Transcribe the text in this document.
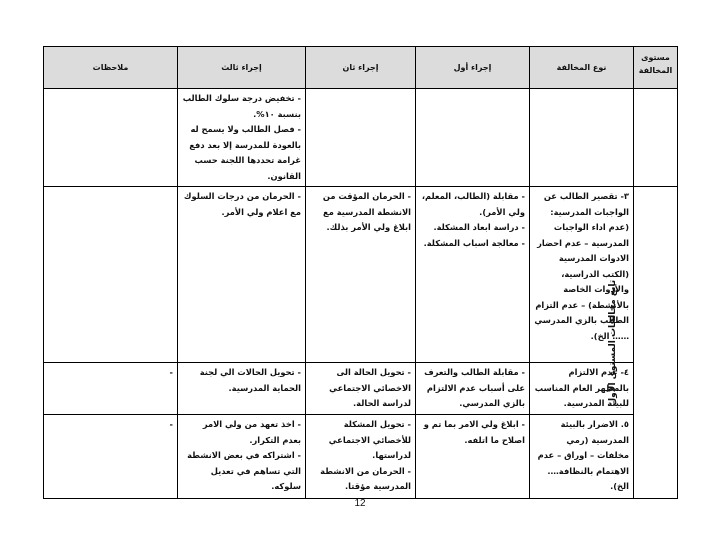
مستوى المخالفة	نوع المخالفة	إجراء أول	إجراء ثان	إجراء ثالث	ملاحظات

				- تخفيض درجة سلوك الطالب بنسبة ١٠%.
- فصل الطالب ولا يسمح له بالعودة للمدرسة إلا بعد دفع غرامة تحددها اللجنة حسب القانون.	

تابع مخالفات المستوى الأول	٣- تقصير الطالب عن الواجبات المدرسية:
(عدم اداء الواجبات المدرسية – عدم احضار الادوات المدرسية (الكتب الدراسية، والأدوات الخاصة بالأنشطة) – عدم التزام الطالب بالزي المدرسي …… الخ).	- مقابلة (الطالب، المعلم، ولي الأمر).
- دراسة ابعاد المشكلة.
- معالجة اسباب المشكلة.	- الحرمان المؤقت من الانشطة المدرسية مع ابلاغ ولي الأمر بذلك.	- الحرمان من درجات السلوك مع اعلام ولي الأمر.	

	٤- عدم الالتزام بالمظهر العام المناسب للبيئة المدرسية.	- مقابلة الطالب والتعرف على أسباب عدم الالتزام بالزي المدرسي.	- تحويل الحالة الى الاخصائي الاجتماعي لدراسة الحالة.	- تحويل الحالات الي لجنة الحماية المدرسية.	-

	٥. الاضرار بالبيئة المدرسية (رمي مخلفات – اوراق – عدم الاهتمام بالنظافة…. الخ).	- ابلاغ ولي الامر بما تم و اصلاح ما اتلفه.	- تحويل المشكلة للأخصائي الاجتماعي لدراستها.
- الحرمان من الانشطة المدرسية مؤقتا.	- اخذ تعهد من ولي الامر بعدم التكرار.
- اشتراكه في بعض الانشطة التي تساهم في تعديل سلوكه.	-
12
